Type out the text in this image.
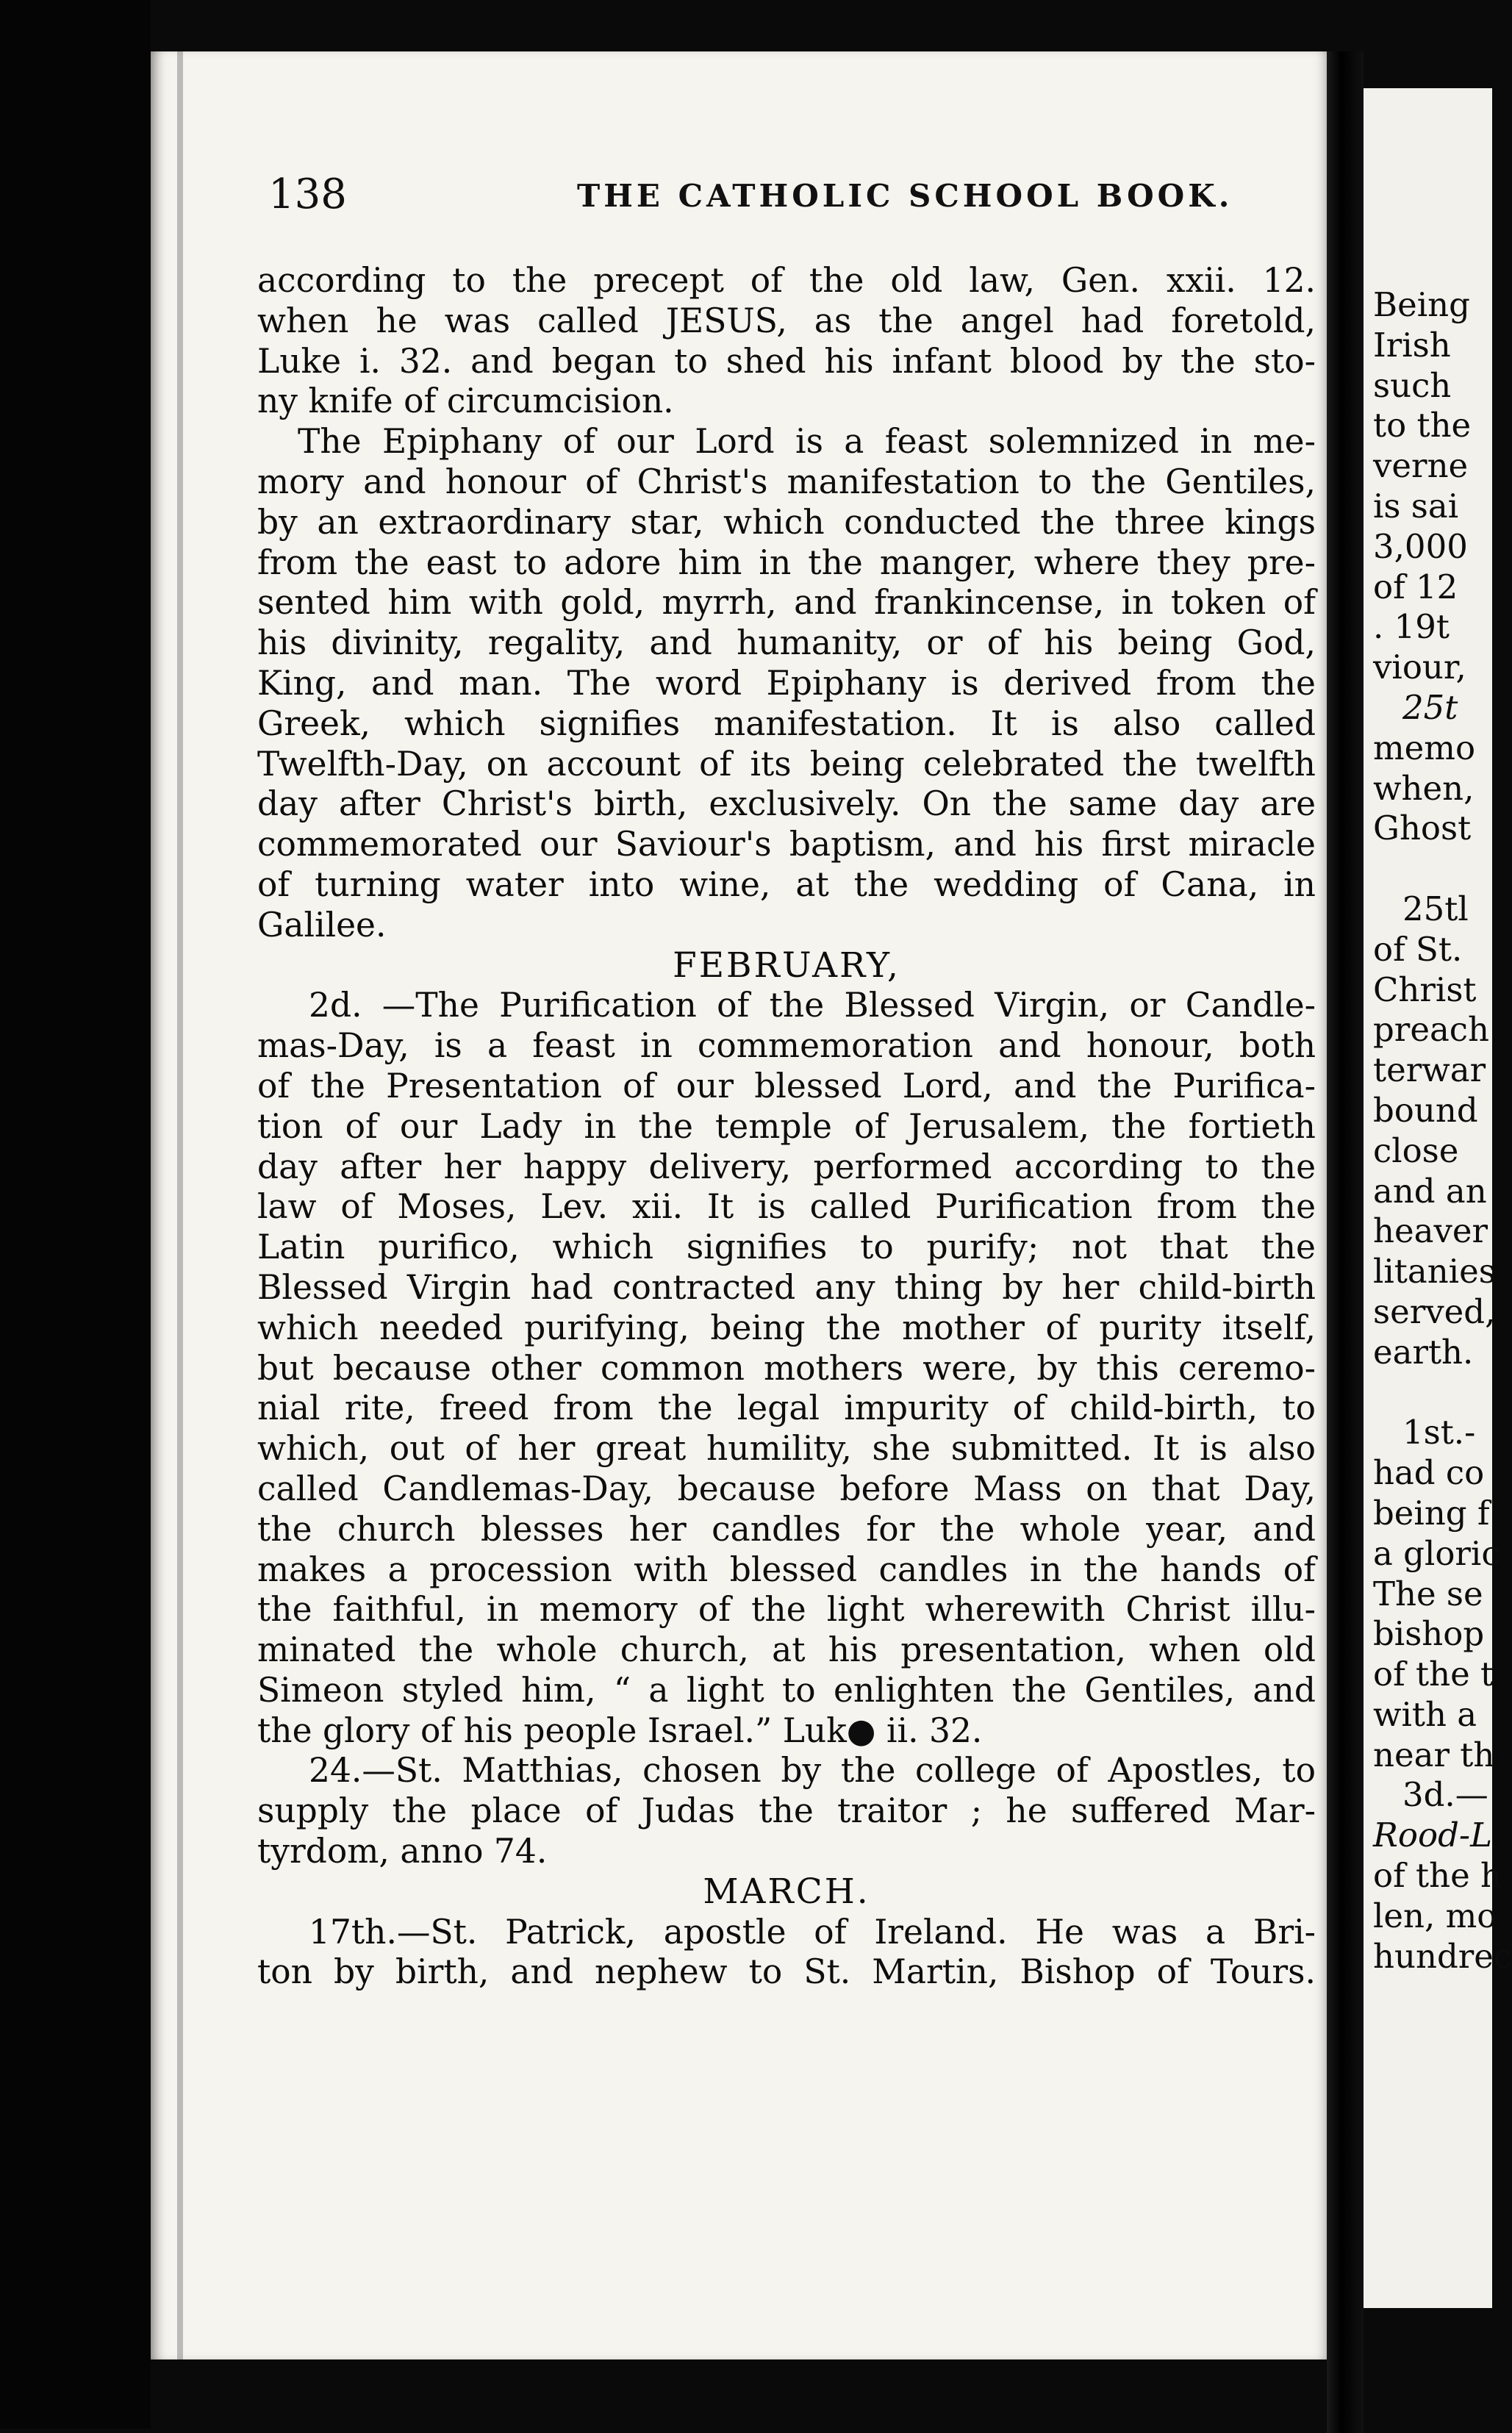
138	THE CATHOLIC SCHOOL BOOK.
according to the precept of the old law, Gen. xxii. 12.
when he was called JESUS, as the angel had foretold,
Luke i. 32. and began to shed his infant blood by the sto-
ny knife of circumcision.
The Epiphany of our Lord is a feast solemnized in me-
mory and honour of Christ's manifestation to the Gentiles,
by an extraordinary star, which conducted the three kings
from the east to adore him in the manger, where they pre-
sented him with gold, myrrh, and frankincense, in token of
his divinity, regality, and humanity, or of his being God,
King, and man. The word Epiphany is derived from the
Greek, which signifies manifestation. It is also called
Twelfth-Day, on account of its being celebrated the twelfth
day after Christ's birth, exclusively. On the same day are
commemorated our Saviour's baptism, and his first miracle
of turning water into wine, at the wedding of Cana, in
Galilee.
FEBRUARY,
2d. —The Purification of the Blessed Virgin, or Candle-
mas-Day, is a feast in commemoration and honour, both
of the Presentation of our blessed Lord, and the Purifica-
tion of our Lady in the temple of Jerusalem, the fortieth
day after her happy delivery, performed according to the
law of Moses, Lev. xii. It is called Purification from the
Latin purifico, which signifies to purify; not that the
Blessed Virgin had contracted any thing by her child-birth
which needed purifying, being the mother of purity itself,
but because other common mothers were, by this ceremo-
nial rite, freed from the legal impurity of child-birth, to
which, out of her great humility, she submitted. It is also
called Candlemas-Day, because before Mass on that Day,
the church blesses her candles for the whole year, and
makes a procession with blessed candles in the hands of
the faithful, in memory of the light wherewith Christ illu-
minated the whole church, at his presentation, when old
Simeon styled him, “ a light to enlighten the Gentiles, and
the glory of his people Israel.” Luk● ii. 32.
24.—St. Matthias, chosen by the college of Apostles, to
supply the place of Judas the traitor ; he suffered Mar-
tyrdom, anno 74.
MARCH.
17th.—St. Patrick, apostle of Ireland. He was a Bri-
ton by birth, and nephew to St. Martin, Bishop of Tours.
Being
Irish
such
to the
verne
is sai
3,000
of 12
. 19t
viour,
25t
memo
when,
Ghost
25tl
of St.
Christ
preach
terwar
bound
close
and an
heaver
litanies
served,
earth.
1st.-
had co
being f
a gloric
The se
bishop
of the t
with a
near th
3d.—
Rood-L
of the h
len, mo
hundrec
